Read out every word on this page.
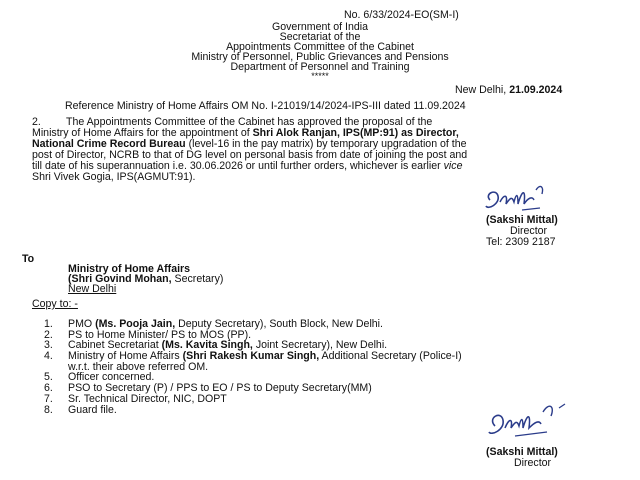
No. 6/33/2024-EO(SM-I)
Government of India
Secretariat of the
Appointments Committee of the Cabinet
Ministry of Personnel, Public Grievances and Pensions
Department of Personnel and Training
*****
New Delhi, 21.09.2024
Reference Ministry of Home Affairs OM No. I-21019/14/2024-IPS-III dated 11.09.2024
2. The Appointments Committee of the Cabinet has approved the proposal of the
Ministry of Home Affairs for the appointment of Shri Alok Ranjan, IPS(MP:91) as Director,
National Crime Record Bureau (level-16 in the pay matrix) by temporary upgradation of the
post of Director, NCRB to that of DG level on personal basis from date of joining the post and
till date of his superannuation i.e. 30.06.2026 or until further orders, whichever is earlier vice
Shri Vivek Gogia, IPS(AGMUT:91).
(Sakshi Mittal)
Director
Tel: 2309 2187
To
Ministry of Home Affairs
(Shri Govind Mohan, Secretary)
New Delhi
Copy to: -
1. PMO (Ms. Pooja Jain, Deputy Secretary), South Block, New Delhi.
2. PS to Home Minister/ PS to MOS (PP).
3. Cabinet Secretariat (Ms. Kavita Singh, Joint Secretary), New Delhi.
4. Ministry of Home Affairs (Shri Rakesh Kumar Singh, Additional Secretary (Police-I)
w.r.t. their above referred OM.
5. Officer concerned.
6. PSO to Secretary (P) / PPS to EO / PS to Deputy Secretary(MM)
7. Sr. Technical Director, NIC, DOPT
8. Guard file.
(Sakshi Mittal)
Director
